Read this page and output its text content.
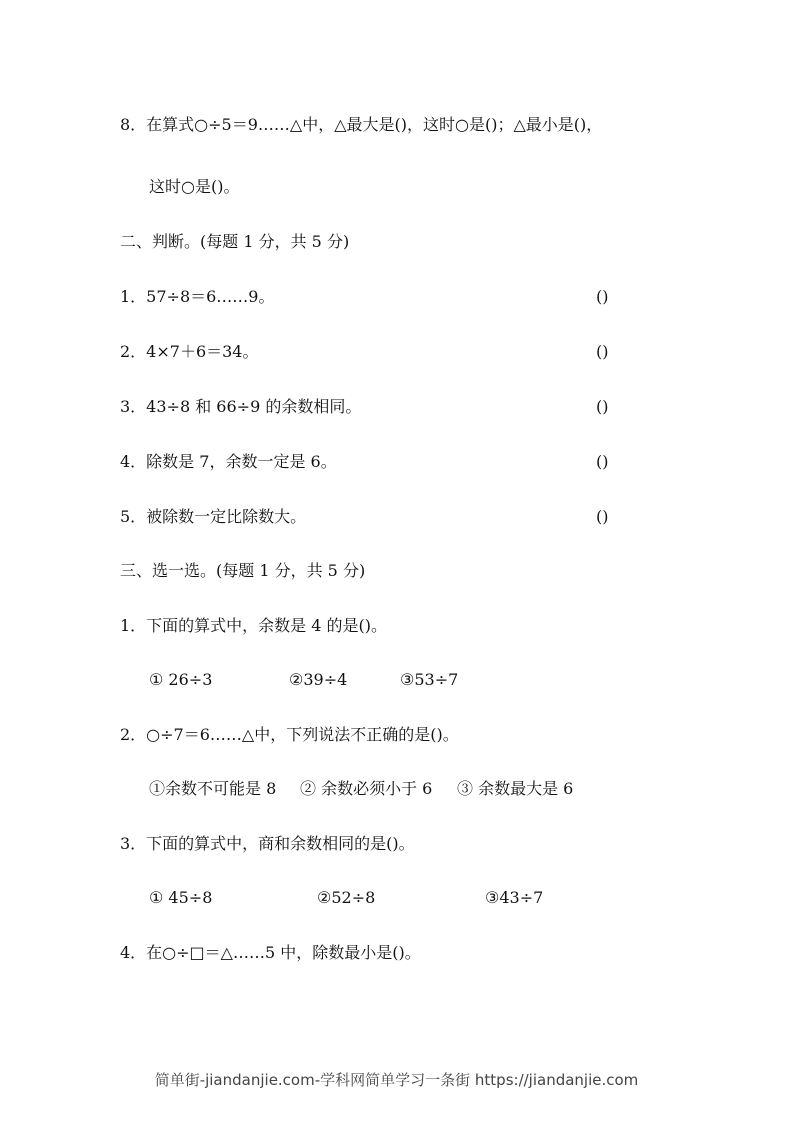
8．在算式○÷5＝9……△中，△最大是()，这时○是()；△最小是()，
这时○是()。
二、判断。(每题 1 分，共 5 分)
1．57÷8＝6……9。	()
2．4×7＋6＝34。	()
3．43÷8 和 66÷9 的余数相同。	()
4．除数是 7，余数一定是 6。	()
5．被除数一定比除数大。	()
三、选一选。(每题 1 分，共 5 分)
1．下面的算式中，余数是 4 的是()。
① 26÷3	②39÷4	③53÷7
2．○÷7＝6……△中，下列说法不正确的是()。
①余数不可能是 8 ② 余数必须小于 6 ③ 余数最大是 6
3．下面的算式中，商和余数相同的是()。
① 45÷8	②52÷8	③43÷7
4．在○÷□＝△……5 中，除数最小是()。
简单街-jiandanjie.com-学科网简单学习一条街 https://jiandanjie.com
